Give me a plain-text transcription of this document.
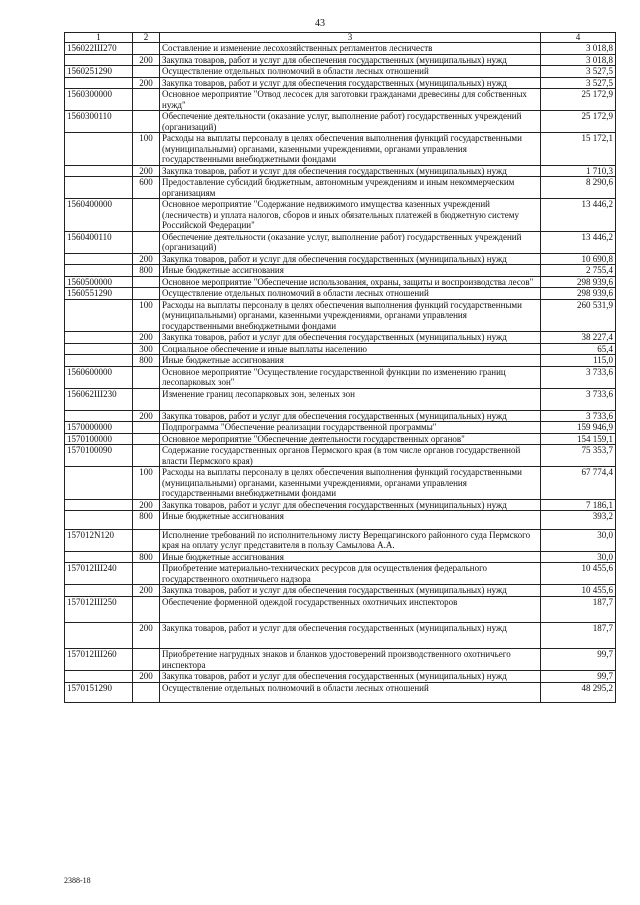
43
1	2	3	4
156022Ш270		Составление и изменение лесохозяйственных регламентов лесничеств	3 018,8
	200	Закупка товаров, работ и услуг для обеспечения государственных (муниципальных) нужд	3 018,8
1560251290		Осуществление отдельных полномочий в области лесных отношений	3 527,5
	200	Закупка товаров, работ и услуг для обеспечения государственных (муниципальных) нужд	3 527,5
1560300000		Основное мероприятие "Отвод лесосек для заготовки гражданами древесины для собственных нужд"	25 172,9
1560300110		Обеспечение деятельности (оказание услуг, выполнение работ) государственных учреждений (организаций)	25 172,9
	100	Расходы на выплаты персоналу в целях обеспечения выполнения функций государственными (муниципальными) органами, казенными учреждениями, органами управления государственными внебюджетными фондами	15 172,1
	200	Закупка товаров, работ и услуг для обеспечения государственных (муниципальных) нужд	1 710,3
	600	Предоставление субсидий бюджетным, автономным учреждениям и иным некоммерческим организациям	8 290,6
1560400000		Основное мероприятие "Содержание недвижимого имущества казенных учреждений (лесничеств) и уплата налогов, сборов и иных обязательных платежей в бюджетную систему Российской Федерации"	13 446,2
1560400110		Обеспечение деятельности (оказание услуг, выполнение работ) государственных учреждений (организаций)	13 446,2
	200	Закупка товаров, работ и услуг для обеспечения государственных (муниципальных) нужд	10 690,8
	800	Иные бюджетные ассигнования	2 755,4
1560500000		Основное мероприятие "Обеспечение использования, охраны, защиты и воспроизводства лесов"	298 939,6
1560551290		Осуществление отдельных полномочий в области лесных отношений	298 939,6
	100	Расходы на выплаты персоналу в целях обеспечения выполнения функций государственными (муниципальными) органами, казенными учреждениями, органами управления государственными внебюджетными фондами	260 531,9
	200	Закупка товаров, работ и услуг для обеспечения государственных (муниципальных) нужд	38 227,4
	300	Социальное обеспечение и иные выплаты населению	65,4
	800	Иные бюджетные ассигнования	115,0
1560600000		Основное мероприятие "Осуществление государственной функции по изменению границ лесопарковых зон"	3 733,6
156062Ш230		Изменение границ лесопарковых зон, зеленых зон	3 733,6
	200	Закупка товаров, работ и услуг для обеспечения государственных (муниципальных) нужд	3 733,6
1570000000		Подпрограмма "Обеспечение реализации государственной программы"	159 946,9
1570100000		Основное мероприятие "Обеспечение деятельности государственных органов"	154 159,1
1570100090		Содержание государственных органов Пермского края (в том числе органов государственной власти Пермского края)	75 353,7
	100	Расходы на выплаты персоналу в целях обеспечения выполнения функций государственными (муниципальными) органами, казенными учреждениями, органами управления государственными внебюджетными фондами	67 774,4
	200	Закупка товаров, работ и услуг для обеспечения государственных (муниципальных) нужд	7 186,1
	800	Иные бюджетные ассигнования	393,2
157012N120		Исполнение требований по исполнительному листу Верещагинского районного суда Пермского края на оплату услуг представителя в пользу Самылова А.А.	30,0
	800	Иные бюджетные ассигнования	30,0
157012Ш240		Приобретение материально-технических ресурсов для осуществления федерального государственного охотничьего надзора	10 455,6
	200	Закупка товаров, работ и услуг для обеспечения государственных (муниципальных) нужд	10 455,6
157012Ш250		Обеспечение форменной одеждой государственных охотничьих инспекторов	187,7
	200	Закупка товаров, работ и услуг для обеспечения государственных (муниципальных) нужд	187,7
157012Ш260		Приобретение нагрудных знаков и бланков удостоверений производственного охотничьего инспектора	99,7
	200	Закупка товаров, работ и услуг для обеспечения государственных (муниципальных) нужд	99,7
1570151290		Осуществление отдельных полномочий в области лесных отношений	48 295,2
2388-18
